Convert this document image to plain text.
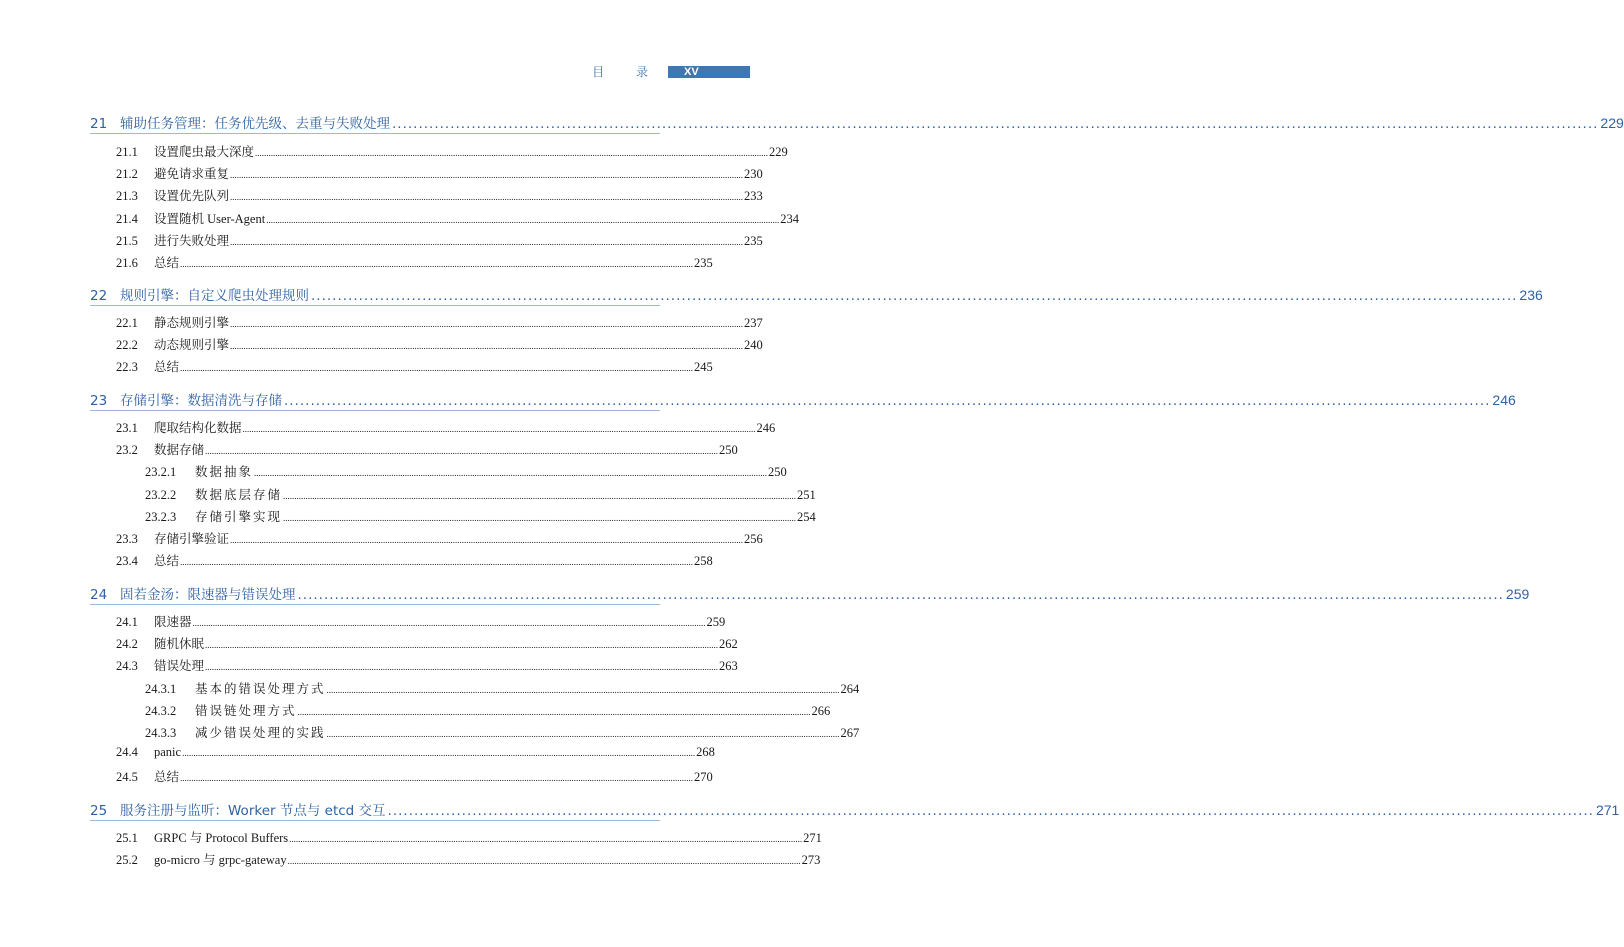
目 录	XV
21 辅助任务管理：任务优先级、去重与失败处理 .................................................................................................................................................................................................................................... 229
21.1	设置爬虫最大深度 .................................................................................................................................................................................................................................... 229
21.2	避免请求重复 .................................................................................................................................................................................................................................... 230
21.3	设置优先队列 .................................................................................................................................................................................................................................... 233
21.4	设置随机 User-Agent .................................................................................................................................................................................................................................... 234
21.5	进行失败处理 .................................................................................................................................................................................................................................... 235
21.6	总结 .................................................................................................................................................................................................................................... 235
22 规则引擎：自定义爬虫处理规则 .................................................................................................................................................................................................................................... 236
22.1	静态规则引擎 .................................................................................................................................................................................................................................... 237
22.2	动态规则引擎 .................................................................................................................................................................................................................................... 240
22.3	总结 .................................................................................................................................................................................................................................... 245
23 存储引擎：数据清洗与存储 .................................................................................................................................................................................................................................... 246
23.1	爬取结构化数据 .................................................................................................................................................................................................................................... 246
23.2	数据存储 .................................................................................................................................................................................................................................... 250
23.2.1	数据抽象 .................................................................................................................................................................................................................................... 250
23.2.2	数据底层存储 .................................................................................................................................................................................................................................... 251
23.2.3	存储引擎实现 .................................................................................................................................................................................................................................... 254
23.3	存储引擎验证 .................................................................................................................................................................................................................................... 256
23.4	总结 .................................................................................................................................................................................................................................... 258
24 固若金汤：限速器与错误处理 .................................................................................................................................................................................................................................... 259
24.1	限速器 .................................................................................................................................................................................................................................... 259
24.2	随机休眠 .................................................................................................................................................................................................................................... 262
24.3	错误处理 .................................................................................................................................................................................................................................... 263
24.3.1	基本的错误处理方式 .................................................................................................................................................................................................................................... 264
24.3.2	错误链处理方式 .................................................................................................................................................................................................................................... 266
24.3.3	减少错误处理的实践 .................................................................................................................................................................................................................................... 267
24.4	panic .................................................................................................................................................................................................................................... 268
24.5	总结 .................................................................................................................................................................................................................................... 270
25 服务注册与监听：Worker 节点与 etcd 交互 .................................................................................................................................................................................................................................... 271
25.1	GRPC 与 Protocol Buffers .................................................................................................................................................................................................................................... 271
25.2	go-micro 与 grpc-gateway .................................................................................................................................................................................................................................... 273
